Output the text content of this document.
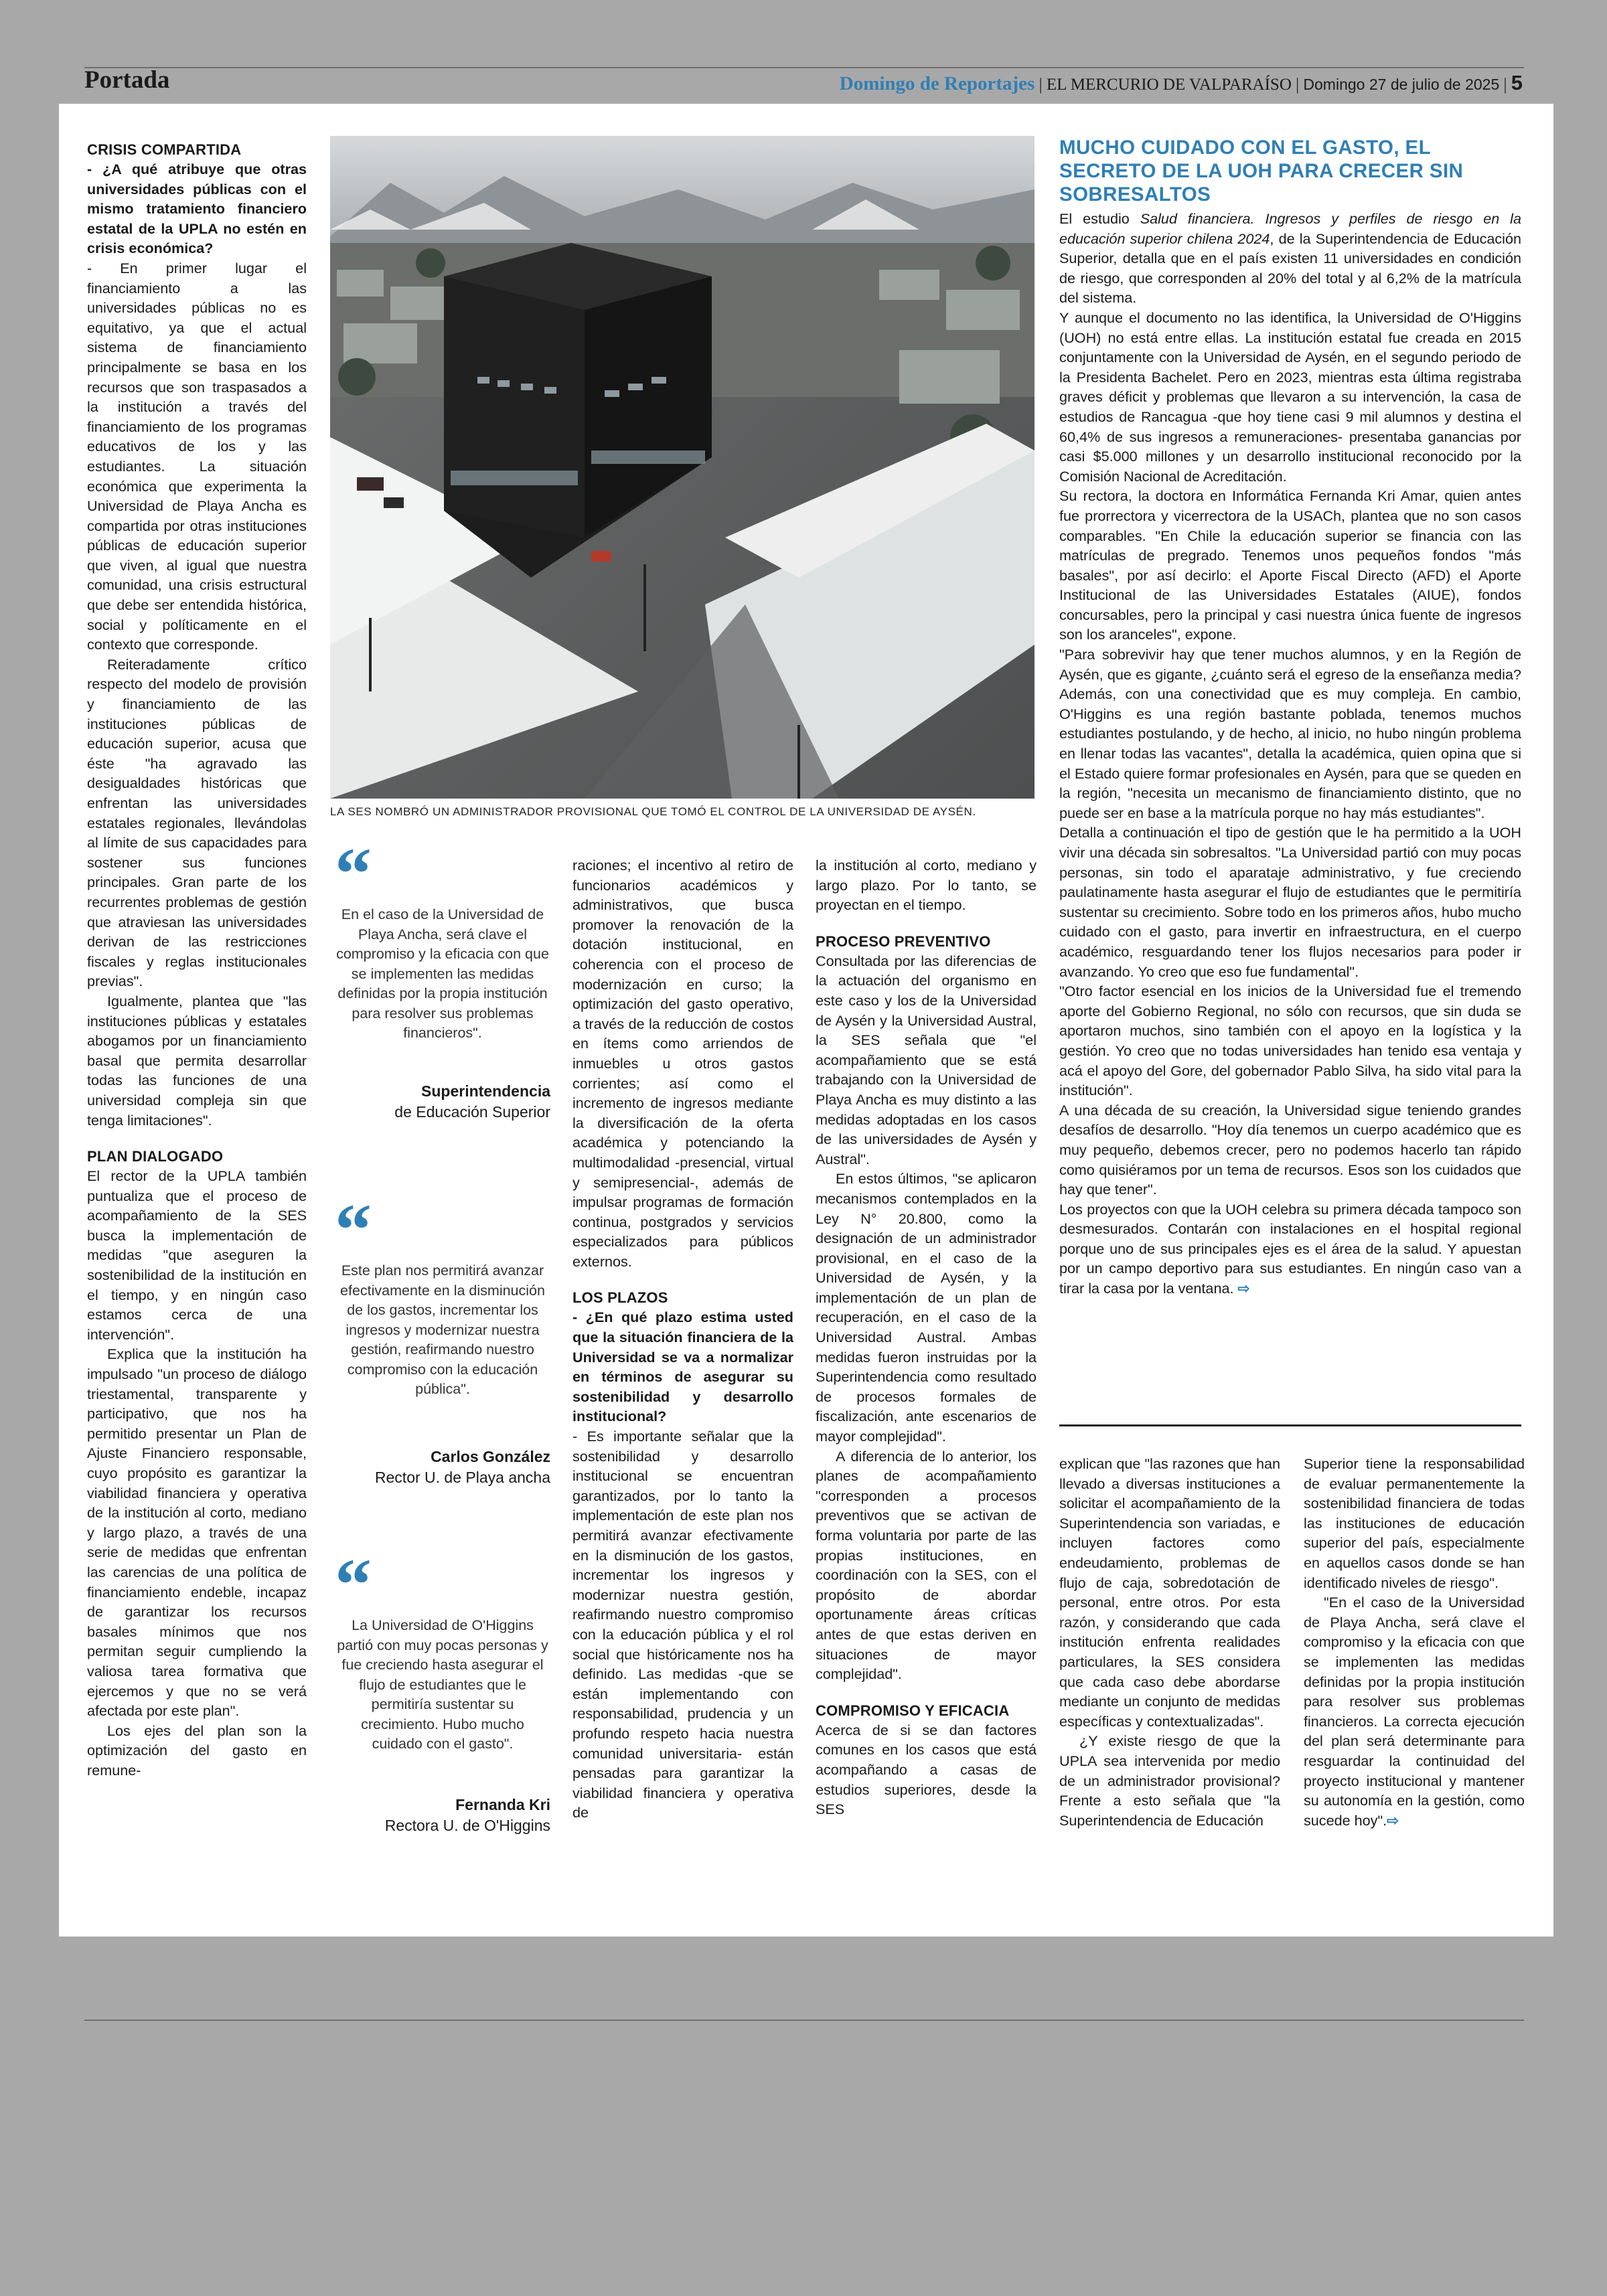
Portada	Domingo de Reportajes | EL MERCURIO DE VALPARAÍSO | Domingo 27 de julio de 2025 | 5

CRISIS COMPARTIDA

- ¿A qué atribuye que otras universidades públicas con el mismo tratamiento financiero estatal de la UPLA no estén en crisis económica?

- En primer lugar el financiamiento a las universidades públicas no es equitativo, ya que el actual sistema de financiamiento principalmente se basa en los recursos que son traspasados a la institución a través del financiamiento de los programas educativos de los y las estudiantes. La situación económica que experimenta la Universidad de Playa Ancha es compartida por otras instituciones públicas de educación superior que viven, al igual que nuestra comunidad, una crisis estructural que debe ser entendida histórica, social y políticamente en el contexto que corresponde.

Reiteradamente crítico respecto del modelo de provisión y financiamiento de las instituciones públicas de educación superior, acusa que éste "ha agravado las desigualdades históricas que enfrentan las universidades estatales regionales, llevándolas al límite de sus capacidades para sostener sus funciones principales. Gran parte de los recurrentes problemas de gestión que atraviesan las universidades derivan de las restricciones fiscales y reglas institucionales previas".

Igualmente, plantea que "las instituciones públicas y estatales abogamos por un financiamiento basal que permita desarrollar todas las funciones de una universidad compleja sin que tenga limitaciones".

PLAN DIALOGADO

El rector de la UPLA también puntualiza que el proceso de acompañamiento de la SES busca la implementación de medidas "que aseguren la sostenibilidad de la institución en el tiempo, y en ningún caso estamos cerca de una intervención".

Explica que la institución ha impulsado "un proceso de diálogo triestamental, transparente y participativo, que nos ha permitido presentar un Plan de Ajuste Financiero responsable, cuyo propósito es garantizar la viabilidad financiera y operativa de la institución al corto, mediano y largo plazo, a través de una serie de medidas que enfrentan las carencias de una política de financiamiento endeble, incapaz de garantizar los recursos basales mínimos que nos permitan seguir cumpliendo la valiosa tarea formativa que ejercemos y que no se verá afectada por este plan".

Los ejes del plan son la optimización del gasto en remune-

LA SES NOMBRÓ UN ADMINISTRADOR PROVISIONAL QUE TOMÓ EL CONTROL DE LA UNIVERSIDAD DE AYSÉN.
“
En el caso de la Universidad de Playa Ancha, será clave el compromiso y la eficacia con que se implementen las medidas definidas por la propia institución para resolver sus problemas financieros".
Superintendencia
de Educación Superior
“
Este plan nos permitirá avanzar efectivamente en la disminución de los gastos, incrementar los ingresos y modernizar nuestra gestión, reafirmando nuestro compromiso con la educación pública".
Carlos González
Rector U. de Playa ancha
“
La Universidad de O'Higgins partió con muy pocas personas y fue creciendo hasta asegurar el flujo de estudiantes que le permitiría sustentar su crecimiento. Hubo mucho cuidado con el gasto".
Fernanda Kri
Rectora U. de O'Higgins

raciones; el incentivo al retiro de funcionarios académicos y administrativos, que busca promover la renovación de la dotación institucional, en coherencia con el proceso de modernización en curso; la optimización del gasto operativo, a través de la reducción de costos en ítems como arriendos de inmuebles u otros gastos corrientes; así como el incremento de ingresos mediante la diversificación de la oferta académica y potenciando la multimodalidad -presencial, virtual y semipresencial-, además de impulsar programas de formación continua, postgrados y servicios especializados para públicos externos.

LOS PLAZOS

- ¿En qué plazo estima usted que la situación financiera de la Universidad se va a normalizar en términos de asegurar su sostenibilidad y desarrollo institucional?

- Es importante señalar que la sostenibilidad y desarrollo institucional se encuentran garantizados, por lo tanto la implementación de este plan nos permitirá avanzar efectivamente en la disminución de los gastos, incrementar los ingresos y modernizar nuestra gestión, reafirmando nuestro compromiso con la educación pública y el rol social que históricamente nos ha definido. Las medidas -que se están implementando con responsabilidad, prudencia y un profundo respeto hacia nuestra comunidad universitaria- están pensadas para garantizar la viabilidad financiera y operativa de

la institución al corto, mediano y largo plazo. Por lo tanto, se proyectan en el tiempo.

PROCESO PREVENTIVO

Consultada por las diferencias de la actuación del organismo en este caso y los de la Universidad de Aysén y la Universidad Austral, la SES señala que "el acompañamiento que se está trabajando con la Universidad de Playa Ancha es muy distinto a las medidas adoptadas en los casos de las universidades de Aysén y Austral".

En estos últimos, "se aplicaron mecanismos contemplados en la Ley N° 20.800, como la designación de un administrador provisional, en el caso de la Universidad de Aysén, y la implementación de un plan de recuperación, en el caso de la Universidad Austral. Ambas medidas fueron instruidas por la Superintendencia como resultado de procesos formales de fiscalización, ante escenarios de mayor complejidad".

A diferencia de lo anterior, los planes de acompañamiento "corresponden a procesos preventivos que se activan de forma voluntaria por parte de las propias instituciones, en coordinación con la SES, con el propósito de abordar oportunamente áreas críticas antes de que estas deriven en situaciones de mayor complejidad".

COMPROMISO Y EFICACIA

Acerca de si se dan factores comunes en los casos que está acompañando a casas de estudios superiores, desde la SES

MUCHO CUIDADO CON EL GASTO, EL SECRETO DE LA UOH PARA CRECER SIN SOBRESALTOS

El estudio Salud financiera. Ingresos y perfiles de riesgo en la educación superior chilena 2024, de la Superintendencia de Educación Superior, detalla que en el país existen 11 universidades en condición de riesgo, que corresponden al 20% del total y al 6,2% de la matrícula del sistema.

Y aunque el documento no las identifica, la Universidad de O'Higgins (UOH) no está entre ellas. La institución estatal fue creada en 2015 conjuntamente con la Universidad de Aysén, en el segundo periodo de la Presidenta Bachelet. Pero en 2023, mientras esta última registraba graves déficit y problemas que llevaron a su intervención, la casa de estudios de Rancagua -que hoy tiene casi 9 mil alumnos y destina el 60,4% de sus ingresos a remuneraciones- presentaba ganancias por casi $5.000 millones y un desarrollo institucional reconocido por la Comisión Nacional de Acreditación.

Su rectora, la doctora en Informática Fernanda Kri Amar, quien antes fue prorrectora y vicerrectora de la USACh, plantea que no son casos comparables. "En Chile la educación superior se financia con las matrículas de pregrado. Tenemos unos pequeños fondos "más basales", por así decirlo: el Aporte Fiscal Directo (AFD) el Aporte Institucional de las Universidades Estatales (AIUE), fondos concursables, pero la principal y casi nuestra única fuente de ingresos son los aranceles", expone.

"Para sobrevivir hay que tener muchos alumnos, y en la Región de Aysén, que es gigante, ¿cuánto será el egreso de la enseñanza media? Además, con una conectividad que es muy compleja. En cambio, O'Higgins es una región bastante poblada, tenemos muchos estudiantes postulando, y de hecho, al inicio, no hubo ningún problema en llenar todas las vacantes", detalla la académica, quien opina que si el Estado quiere formar profesionales en Aysén, para que se queden en la región, "necesita un mecanismo de financiamiento distinto, que no puede ser en base a la matrícula porque no hay más estudiantes".

Detalla a continuación el tipo de gestión que le ha permitido a la UOH vivir una década sin sobresaltos. "La Universidad partió con muy pocas personas, sin todo el aparataje administrativo, y fue creciendo paulatinamente hasta asegurar el flujo de estudiantes que le permitiría sustentar su crecimiento. Sobre todo en los primeros años, hubo mucho cuidado con el gasto, para invertir en infraestructura, en el cuerpo académico, resguardando tener los flujos necesarios para poder ir avanzando. Yo creo que eso fue fundamental".

"Otro factor esencial en los inicios de la Universidad fue el tremendo aporte del Gobierno Regional, no sólo con recursos, que sin duda se aportaron muchos, sino también con el apoyo en la logística y la gestión. Yo creo que no todas universidades han tenido esa ventaja y acá el apoyo del Gore, del gobernador Pablo Silva, ha sido vital para la institución".

A una década de su creación, la Universidad sigue teniendo grandes desafíos de desarrollo. "Hoy día tenemos un cuerpo académico que es muy pequeño, debemos crecer, pero no podemos hacerlo tan rápido como quisiéramos por un tema de recursos. Esos son los cuidados que hay que tener".

Los proyectos con que la UOH celebra su primera década tampoco son desmesurados. Contarán con instalaciones en el hospital regional porque uno de sus principales ejes es el área de la salud. Y apuestan por un campo deportivo para sus estudiantes. En ningún caso van a tirar la casa por la ventana. ⇨

explican que "las razones que han llevado a diversas instituciones a solicitar el acompañamiento de la Superintendencia son variadas, e incluyen factores como endeudamiento, problemas de flujo de caja, sobredotación de personal, entre otros. Por esta razón, y considerando que cada institución enfrenta realidades particulares, la SES considera que cada caso debe abordarse mediante un conjunto de medidas específicas y contextualizadas".

¿Y existe riesgo de que la UPLA sea intervenida por medio de un administrador provisional? Frente a esto señala que "la Superintendencia de Educación

Superior tiene la responsabilidad de evaluar permanentemente la sostenibilidad financiera de todas las instituciones de educación superior del país, especialmente en aquellos casos donde se han identificado niveles de riesgo".

"En el caso de la Universidad de Playa Ancha, será clave el compromiso y la eficacia con que se implementen las medidas definidas por la propia institución para resolver sus problemas financieros. La correcta ejecución del plan será determinante para resguardar la continuidad del proyecto institucional y mantener su autonomía en la gestión, como sucede hoy".⇨
